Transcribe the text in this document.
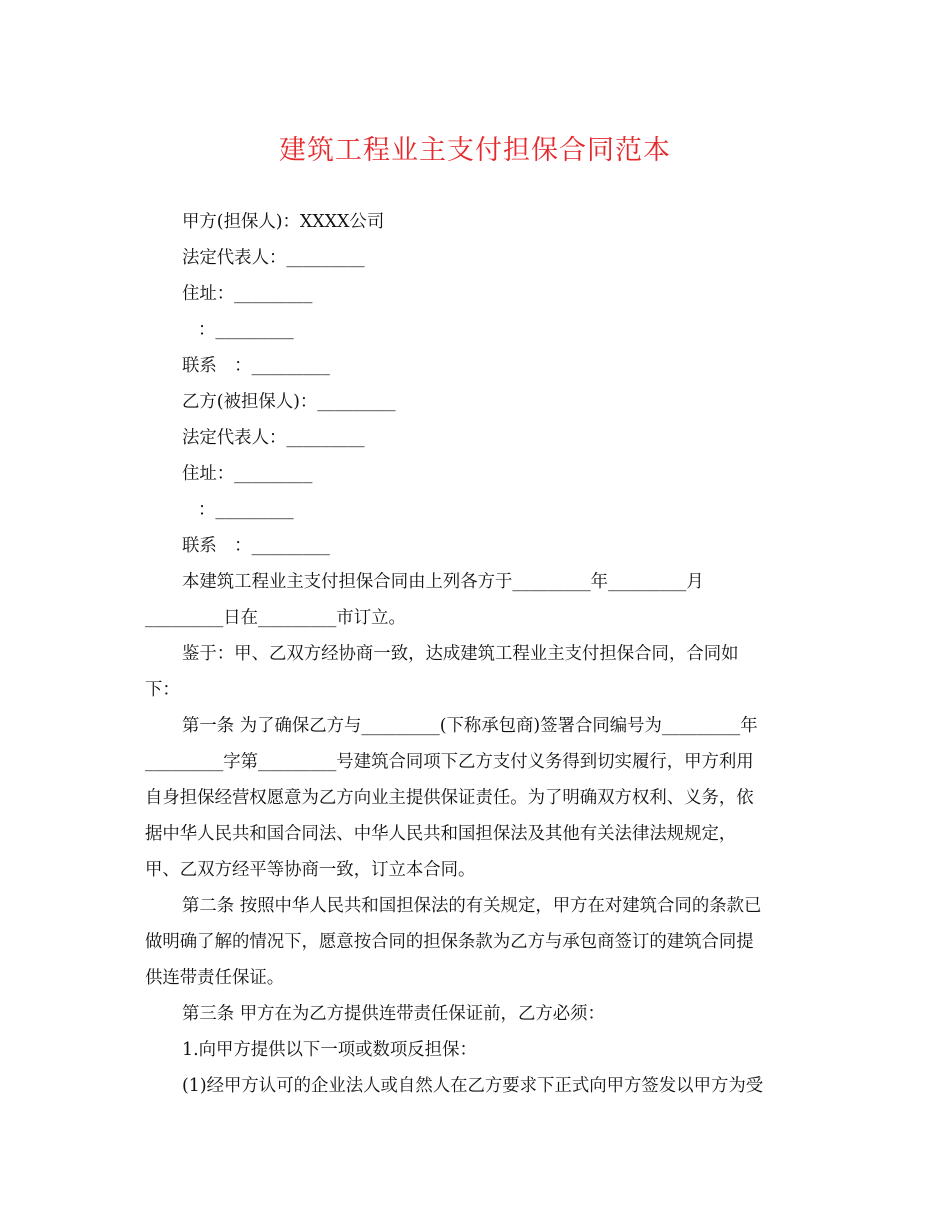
建筑工程业主支付担保合同范本
甲方(担保人)：XXXX公司
法定代表人：_________
住址：_________
：_________
联系　：_________
乙方(被担保人)：_________
法定代表人：_________
住址：_________
：_________
联系　：_________
本建筑工程业主支付担保合同由上列各方于_________年_________月
_________日在_________市订立。
鉴于：甲、乙双方经协商一致，达成建筑工程业主支付担保合同，合同如
下：
第一条 为了确保乙方与_________(下称承包商)签署合同编号为_________年
_________字第_________号建筑合同项下乙方支付义务得到切实履行，甲方利用
自身担保经营权愿意为乙方向业主提供保证责任。为了明确双方权利、义务，依
据中华人民共和国合同法、中华人民共和国担保法及其他有关法律法规规定，
甲、乙双方经平等协商一致，订立本合同。
第二条 按照中华人民共和国担保法的有关规定，甲方在对建筑合同的条款已
做明确了解的情况下，愿意按合同的担保条款为乙方与承包商签订的建筑合同提
供连带责任保证。
第三条 甲方在为乙方提供连带责任保证前，乙方必须：
1.向甲方提供以下一项或数项反担保：
(1)经甲方认可的企业法人或自然人在乙方要求下正式向甲方签发以甲方为受
